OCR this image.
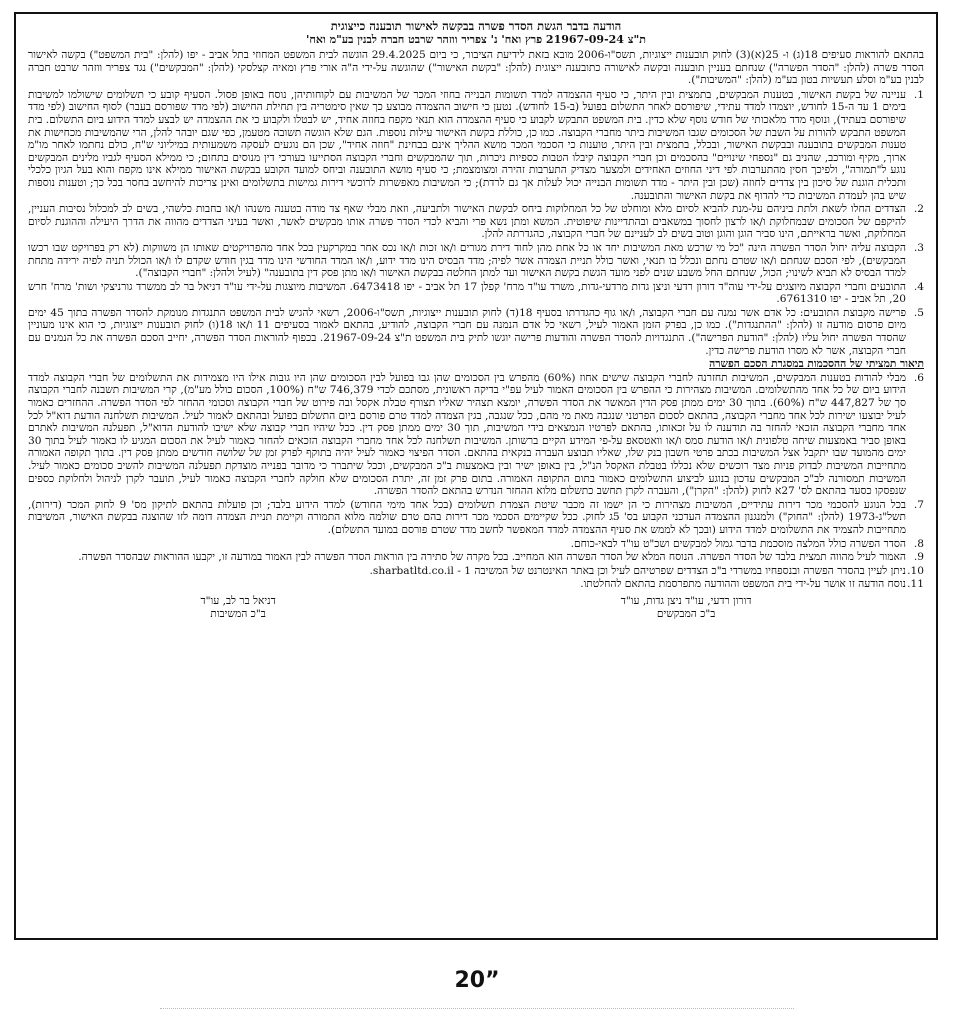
הודעה בדבר הגשת הסדר פשרה בבקשה לאישור תובענה כייצוגית
ת"צ 21967-09-24 פרץ ואח' נ' צפריר ווזהר שרבט חברה לבנין בע"מ ואח'

בהתאם להוראות סעיפים 18(ג) ו- 25(א)(3) לחוק תובענות ייצוגיות, תשס"ו-2006 מובא בזאת לידיעת הציבור, כי ביום 29.4.2025 הוגשה לבית המשפט המחוזי בתל אביב - יפו (להלן: "בית המשפט") בקשה לאישור הסדר פשרה (להלן: "הסדר הפשרה") שנחתם בעניין תובענה ובקשה לאישורה כתובענה ייצוגית (להלן: "בקשת האישור") שהוגשה על-ידי ה"ה אורי פרץ ומאיה קצלסקי (להלן: "המבקשים") נגד צפריר ווזהר שרבט חברה לבנין בע"מ וסלע תעשיות בטון בע"מ (להלן: "המשיבות").

1.
עניינה של בקשת האישור, בטענות המבקשים, בתמצית ובין היתר, כי סעיף ההצמדה למדד תשומות הבנייה בחוזי המכר של המשיבות עם לקוחותיהן, נוסח באופן פסול. הסעיף קובע כי תשלומים שישולמו למשיבות בימים 1 עד ה-15 לחודש, יוצמדו למדד עתידי, שיפורסם לאחר התשלום בפועל (ב-15 לחודש). נטען כי חישוב ההצמדה מבוצע כך שאין סימטריה בין תחילת החישוב (לפי מדד שפורסם בעבר) לסוף החישוב (לפי מדד שיפורסם בעתיד), ונוסף מדד מלאכותי של חודש נוסף שלא כדין. בית המשפט התבקש לקבוע כי סעיף ההצמדה הוא תנאי מקפח בחוזה אחיד, יש לבטלו ולקבוע כי את ההצמדה יש לבצע למדד הידוע ביום התשלום. בית המשפט התבקש להורות על השבת של הסכומים שגבו המשיבות ביתר מחברי הקבוצה. כמו כן, כוללת בקשת האישור עילות נוספות. הגם שלא הוגשה תשובה מטעמן, כפי שגם יובהר להלן, הרי שהמשיבות מכחישות את טענות המבקשים בתובענה ובבקשת האישור, ובכלל, בתמצית ובין היתר, טוענות כי הסכמי המכר מושא ההליך אינם בבחינת "חוזה אחיד", שכן הם נוגעים לעסקה משמעותית במיליוני ש"ח, כולם נחתמו לאחר מו"מ ארוך, מקיף ומורכב, שהניב גם "נספחי שינויים" בהסכמים וכן חברי הקבוצה קיבלו הטבות כספיות ניכרות, תוך שהמבקשים וחברי הקבוצה הסתייעו בעורכי דין מנוסים בתחום; כי ממילא הסעיף לגביו מלינים המבקשים נוגע ל"תמורה", ולפיכך חסין מהתערבות לפי דיני החוזים האחידים ולמצער מצדיק התערבות זהירה ומצומצמת; כי סעיף מושא התובענה וביחס למועד הקובע בבקשת האישור ממילא אינו מקפח והוא בעל הגיון כלכלי ותכלית הוגנת של סיכון בין צדדים לחוזה (שכן ובין היתר - מדד תשומות הבנייה יכול לעלות אך גם לרדת); כי המשיבות מאפשרות לרוכשי דירות גמישות בתשלומים ואינן צריכות להיחשב בחסר בכל כך; וטענות נוספות שיש בהן לעמדת המשיבות כדי להדוף את בקשת האישור והתובענה.
2.
הצדדים החלו לשאת ולתת ביניהם על-מנת להביא לסיום מלא ומוחלט של כל המחלוקות ביחס לבקשת האישור ולתביעה, וזאת מבלי שאף צד מודה בטענה משנהו ו/או בחבות כלשהי, בשים לב למכלול נסיבות העניין, להיקפם של הסכומים שבמחלוקת ו/או לרצון לחסוך במשאבים ובהתדיינות שיפוטית. המשא ומתן נשא פרי והביא לכדי הסדר פשרה אותו מבקשים לאשר, ואשר בעיני הצדדים מהווה את הדרך היעילה וההוגנת לסיום המחלוקת, ואשר בראייתם, הינו סביר הוגן והוגן וטוב בשים לב לעניינם של חברי הקבוצה, כהגדרתה להלן.
3.
הקבוצה עליה יחול הסדר הפשרה הינה "כל מי שרכש מאת המשיבות יחד או כל אחת מהן לחוד דירת מגורים ו/או זכות ו/או נכס אחר במקרקעין בכל אחד מהפרויקטים שאותו הן משווקות (לא רק בפרויקט שבו רכשו המבקשים), לפי הסכם שנחתם ו/או שטרם נחתם ונכלל בו תנאי, ואשר כולל תניית הצמדה אשר לפיה; מדד הבסיס הינו מדד ידוע, ו/או המדד החודשי הינו מדד בגין חודש שקדם לו ו/או הכולל תניה לפיה ירידה מתחת למדד הבסיס לא תביא לשינוי; הכול, שנחתם החל משבע שנים לפני מועד הגשת בקשת האישור ועד למתן החלטה בבקשת האישור ו/או מתן פסק דין בתובענה" (לעיל ולהלן: "חברי הקבוצה").
4.
התובעים וחברי הקבוצה מיוצגים על-ידי עוה"ד דורון רדעי וניצן גדות מרדעי-גדות, משרד עו"ד מרח' קפלן 17 תל אביב - יפו 6473418. המשיבות מיוצגות על-ידי עו"ד דניאל בר לב ממשרד גורניצקי ושות' מרח' חרש 20, תל אביב - יפו 6761310.
5.
פרישה מקבוצת התובעים: כל אדם אשר נמנה עם חברי הקבוצה, ו/או גוף כהגדרתו בסעיף 18(ד) לחוק תובענות ייצוגיות, תשס"ו-2006, רשאי להגיש לבית המשפט התנגדות מנומקת להסדר הפשרה בתוך 45 ימים מיום פרסום מודעה זו (להלן: "ההתנגדות"). כמו כן, בפרק הזמן האמור לעיל, רשאי כל אדם הנמנה עם חברי הקבוצה, להודיע, בהתאם לאמור בסעיפים 11 ו/או 18(ו) לחוק תובענות ייצוגיות, כי הוא אינו מעוניין שהסדר הפשרה יחול עליו (להלן: "הודעת הפרישה"). התנגדויות להסדר הפשרה והודעות פרישה יוגשו לתיק בית המשפט ת"צ 21967-09-24. בכפוף להוראות הסדר הפשרה, יחייב הסכם הפשרה את כל הנמנים עם חברי הקבוצה, אשר לא מסרו הודעת פרישה כדין.
תיאור תמציתי של ההסכמות במסגרת הסכם הפשרה
6.
מבלי להודות בטענות המבקשים, המשיבות תחזרנה לחברי הקבוצה שישים אחוז (60%) מהפרש בין הסכומים שהן גבו בפועל לבין הסכומים שהן היו גובות אילו היו מצמידות את התשלומים של חברי הקבוצה למדד הידוע ביום של כל אחד מהתשלומים. המשיבות מצהירות כי ההפרש בין הסכומים האמור לעיל עפ"י בדיקה ראשונית, מסתכם לכדי 746,379 ש"ח (100%, הסכום כולל מע"מ), קרי המשיבות תשבנה לחברי הקבוצה סך של 447,827 ש"ח (60%). בתוך 30 ימים ממתן פסק הדין המאשר את הסדר הפשרה, יומצא תצהיר שאליו תצורף טבלת אקסל ובה פירוט של חברי הקבוצה וסכומי ההחזר לפי הסדר הפשרה. ההחזרים כאמור לעיל יבוצעו ישירות לכל אחד מחברי הקבוצה, בהתאם לסכום הפרטני שנגבה מאת מי מהם, ככל שנגבה, בגין הצמדה למדד טרם פורסם ביום התשלום בפועל ובהתאם לאמור לעיל. המשיבות תשלחנה הודעת דוא"ל לכל אחד מחברי הקבוצה הזכאי להחזר בה תודענה לו על זכאותו, בהתאם לפרטיו הנמצאים בידי המשיבות, תוך 30 ימים ממתן פסק דין. ככל שיהיו חברי קבוצה שלא ישיבו להודעת הדוא"ל, תפעלנה המשיבות לאתרם באופן סביר באמצעות שיחה טלפונית ו/או הודעת סמס ו/או וואטסאפ על-פי המידע הקיים ברשותן. המשיבות תשלחנה לכל אחד מחברי הקבוצה הזכאים להחזר כאמור לעיל את הסכום המגיע לו כאמור לעיל בתוך 30 ימים מהמועד שבו יתקבל אצל המשיבות בכתב פרטי חשבון בנק שלו, שאליו תבוצע העברה בנקאית בהתאם. הסדר הפיצוי כאמור לעיל יהיה בתוקף לפרק זמן של שלושה חודשים ממתן פסק דין. בתוך תקופה האמורה מתחייבות המשיבות לבדוק פניות מצד רוכשים שלא נכללו בטבלת האקסל הנ"ל, בין באופן ישיר ובין באמצעות ב"כ המבקשים, וככל שיתברר כי מדובר בפנייה מוצדקת תפעלנה המשיבות להשיב סכומים כאמור לעיל. המשיבות תמסורנה לב"כ המבקשים עדכון בנוגע לביצוע התשלומים כאמור בתום התקופה האמורה. בתום פרק זמן זה, יתרת הסכומים שלא חולקה לחברי הקבוצה כאמור לעיל, תועבר לקרן לניהול ולחלוקת כספים שנפסקו כסעד בהתאם לס' 27א לחוק (להלן: "הקרן"), והעברה לקרן תחשב כתשלום מלוא ההחזר הנדרש בהתאם להסדר הפשרה.
7.
בכל הנוגע להסכמי מכר דירות עתידיים, המשיבות מצהירות כי הן ישמו זה מכבר שיטת הצמדת תשלומים (בכל אחד מימי החודש) למדד הידוע בלבד; וכן פועלות בהתאם לתיקון מס' 9 לחוק המכר (דירות), תשל"ג-1973 (להלן: "החוק") ולמנגנון ההצמדה העדכני הקבוע בס' 5ג לחוק. ככל שקיימים הסכמי מכר דירות בהם טרם שולמה מלוא התמורה וקיימת תניית הצמדה דומה לזו שהוצגה בבקשת האישור, המשיבות מתחייבות להצמיד את התשלומים למדד הידוע (ובכך לא לממש את סעיף ההצמדה למדד המאפשר לחשב מדד שטרם פורסם במועד התשלום).
8.
הסדר הפשרה כולל המלצה מוסכמת בדבר גמול למבקשים ושכ"ט עו"ד לבאי-כוחם.
9.
האמור לעיל מהווה תמצית בלבד של הסדר הפשרה. הנוסח המלא של הסדר הפשרה הוא המחייב. בכל מקרה של סתירה בין הוראות הסדר הפשרה לבין האמור במודעה זו, יקבעו ההוראות שבהסדר הפשרה.
10.
ניתן לעיין בהסדר הפשרה ובנספחיו במשרדי ב"כ הצדדים שפרטיהם לעיל וכן באתר האינטרנט של המשיבה 1 - sharbatltd.co.il.
11.
נוסח הודעה זו אושר על-ידי בית המשפט וההודעה מתפרסמת בהתאם להחלטתו.
דורון רדעי, עו"ד ניצן גדות, עו"ד
ב"כ המבקשים
דניאל בר לב, עו"ד
ב"כ המשיבות
20”
